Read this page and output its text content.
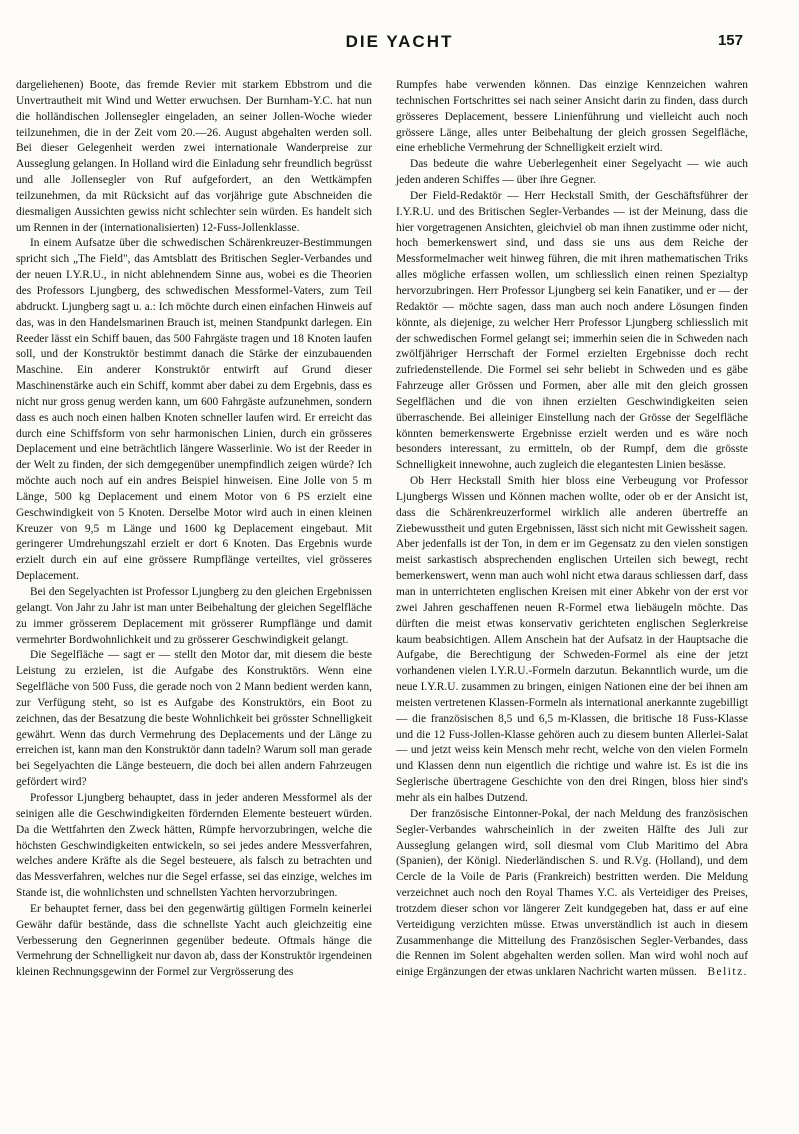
DIE YACHT	157

dargeliehenen) Boote, das fremde Revier mit starkem Ebbstrom und die Unvertrautheit mit Wind und Wetter erwuchsen. Der Burnham-Y.C. hat nun die holländischen Jollensegler eingeladen, an seiner Jollen-Woche wieder teilzunehmen, die in der Zeit vom 20.—26. August abgehalten werden soll. Bei dieser Gelegenheit werden zwei internationale Wanderpreise zur Ausseglung gelangen. In Holland wird die Einladung sehr freundlich begrüsst und alle Jollensegler von Ruf aufgefordert, an den Wettkämpfen teilzunehmen, da mit Rücksicht auf das vorjährige gute Abschneiden die diesmaligen Aussichten gewiss nicht schlechter sein würden. Es handelt sich um Rennen in der (internationalisierten) 12-Fuss-Jollenklasse.

In einem Aufsatze über die schwedischen Schärenkreuzer-Bestimmungen spricht sich „The Field", das Amtsblatt des Britischen Segler-Verbandes und der neuen I.Y.R.U., in nicht ablehnendem Sinne aus, wobei es die Theorien des Professors Ljungberg, des schwedischen Messformel-Vaters, zum Teil abdruckt. Ljungberg sagt u. a.: Ich möchte durch einen einfachen Hinweis auf das, was in den Handelsmarinen Brauch ist, meinen Standpunkt darlegen. Ein Reeder lässt ein Schiff bauen, das 500 Fahrgäste tragen und 18 Knoten laufen soll, und der Konstruktör bestimmt danach die Stärke der einzubauenden Maschine. Ein anderer Konstruktör entwirft auf Grund dieser Maschinenstärke auch ein Schiff, kommt aber dabei zu dem Ergebnis, dass es nicht nur gross genug werden kann, um 600 Fahrgäste aufzunehmen, sondern dass es auch noch einen halben Knoten schneller laufen wird. Er erreicht das durch eine Schiffsform von sehr harmonischen Linien, durch ein grösseres Deplacement und eine beträchtlich längere Wasserlinie. Wo ist der Reeder in der Welt zu finden, der sich demgegenüber unempfindlich zeigen würde? Ich möchte auch noch auf ein andres Beispiel hinweisen. Eine Jolle von 5 m Länge, 500 kg Deplacement und einem Motor von 6 PS erzielt eine Geschwindigkeit von 5 Knoten. Derselbe Motor wird auch in einen kleinen Kreuzer von 9,5 m Länge und 1600 kg Deplacement eingebaut. Mit geringerer Umdrehungszahl erzielt er dort 6 Knoten. Das Ergebnis wurde erzielt durch ein auf eine grössere Rumpflänge verteiltes, viel grösseres Deplacement.

Bei den Segelyachten ist Professor Ljungberg zu den gleichen Ergebnissen gelangt. Von Jahr zu Jahr ist man unter Beibehaltung der gleichen Segelfläche zu immer grösserem Deplacement mit grösserer Rumpflänge und damit vermehrter Bordwohnlichkeit und zu grösserer Geschwindigkeit gelangt.

Die Segelfläche — sagt er — stellt den Motor dar, mit diesem die beste Leistung zu erzielen, ist die Aufgabe des Konstruktörs. Wenn eine Segelfläche von 500 Fuss, die gerade noch von 2 Mann bedient werden kann, zur Verfügung steht, so ist es Aufgabe des Konstruktörs, ein Boot zu zeichnen, das der Besatzung die beste Wohnlichkeit bei grösster Schnelligkeit gewährt. Wenn das durch Vermehrung des Deplacements und der Länge zu erreichen ist, kann man den Konstruktör dann tadeln? Warum soll man gerade bei Segelyachten die Länge besteuern, die doch bei allen andern Fahrzeugen gefördert wird?

Professor Ljungberg behauptet, dass in jeder anderen Messformel als der seinigen alle die Geschwindigkeiten fördernden Elemente besteuert würden. Da die Wettfahrten den Zweck hätten, Rümpfe hervorzubringen, welche die höchsten Geschwindigkeiten entwickeln, so sei jedes andere Messverfahren, welches andere Kräfte als die Segel besteuere, als falsch zu betrachten und das Messverfahren, welches nur die Segel erfasse, sei das einzige, welches im Stande ist, die wohnlichsten und schnellsten Yachten hervorzubringen.

Er behauptet ferner, dass bei den gegenwärtig gültigen Formeln keinerlei Gewähr dafür bestände, dass die schnellste Yacht auch gleichzeitig eine Verbesserung den Gegnerinnen gegenüber bedeute. Oftmals hänge die Vermehrung der Schnelligkeit nur davon ab, dass der Konstruktör irgendeinen kleinen Rechnungsgewinn der Formel zur Vergrösserung des

Rumpfes habe verwenden können. Das einzige Kennzeichen wahren technischen Fortschrittes sei nach seiner Ansicht darin zu finden, dass durch grösseres Deplacement, bessere Linienführung und vielleicht auch noch grössere Länge, alles unter Beibehaltung der gleich grossen Segelfläche, eine erhebliche Vermehrung der Schnelligkeit erzielt wird.

Das bedeute die wahre Ueberlegenheit einer Segelyacht — wie auch jeden anderen Schiffes — über ihre Gegner.

Der Field-Redaktör — Herr Heckstall Smith, der Geschäftsführer der I.Y.R.U. und des Britischen Segler-Verbandes — ist der Meinung, dass die hier vorgetragenen Ansichten, gleichviel ob man ihnen zustimme oder nicht, hoch bemerkenswert sind, und dass sie uns aus dem Reiche der Messformelmacher weit hinweg führen, die mit ihren mathematischen Triks alles mögliche erfassen wollen, um schliesslich einen reinen Spezialtyp hervorzubringen. Herr Professor Ljungberg sei kein Fanatiker, und er — der Redaktör — möchte sagen, dass man auch noch andere Lösungen finden könnte, als diejenige, zu welcher Herr Professor Ljungberg schliesslich mit der schwedischen Formel gelangt sei; immerhin seien die in Schweden nach zwölfjähriger Herrschaft der Formel erzielten Ergebnisse doch recht zufriedenstellende. Die Formel sei sehr beliebt in Schweden und es gäbe Fahrzeuge aller Grössen und Formen, aber alle mit den gleich grossen Segelflächen und die von ihnen erzielten Geschwindigkeiten seien überraschende. Bei alleiniger Einstellung nach der Grösse der Segelfläche könnten bemerkenswerte Ergebnisse erzielt werden und es wäre noch besonders interessant, zu ermitteln, ob der Rumpf, dem die grösste Schnelligkeit innewohne, auch zugleich die elegantesten Linien besässe.

Ob Herr Heckstall Smith hier bloss eine Verbeugung vor Professor Ljungbergs Wissen und Können machen wollte, oder ob er der Ansicht ist, dass die Schärenkreuzerformel wirklich alle anderen übertreffe an Ziebewusstheit und guten Ergebnissen, lässt sich nicht mit Gewissheit sagen. Aber jedenfalls ist der Ton, in dem er im Gegensatz zu den vielen sonstigen meist sarkastisch absprechenden englischen Urteilen sich bewegt, recht bemerkenswert, wenn man auch wohl nicht etwa daraus schliessen darf, dass man in unterrichteten englischen Kreisen mit einer Abkehr von der erst vor zwei Jahren geschaffenen neuen R-Formel etwa liebäugeln möchte. Das dürften die meist etwas konservativ gerichteten englischen Seglerkreise kaum beabsichtigen. Allem Anschein hat der Aufsatz in der Hauptsache die Aufgabe, die Berechtigung der Schweden-Formel als eine der jetzt vorhandenen vielen I.Y.R.U.-Formeln darzutun. Bekanntlich wurde, um die neue I.Y.R.U. zusammen zu bringen, einigen Nationen eine der bei ihnen am meisten vertretenen Klassen-Formeln als international anerkannte zugebilligt — die französischen 8,5 und 6,5 m-Klassen, die britische 18 Fuss-Klasse und die 12 Fuss-Jollen-Klasse gehören auch zu diesem bunten Allerlei-Salat — und jetzt weiss kein Mensch mehr recht, welche von den vielen Formeln und Klassen denn nun eigentlich die richtige und wahre ist. Es ist die ins Seglerische übertragene Geschichte von den drei Ringen, bloss hier sind's mehr als ein halbes Dutzend.

Der französische Eintonner-Pokal, der nach Meldung des französischen Segler-Verbandes wahrscheinlich in der zweiten Hälfte des Juli zur Ausseglung gelangen wird, soll diesmal vom Club Maritimo del Abra (Spanien), der Königl. Niederländischen S. und R.Vg. (Holland), und dem Cercle de la Voile de Paris (Frankreich) bestritten werden. Die Meldung verzeichnet auch noch den Royal Thames Y.C. als Verteidiger des Preises, trotzdem dieser schon vor längerer Zeit kundgegeben hat, dass er auf eine Verteidigung verzichten müsse. Etwas unverständlich ist auch in diesem Zusammenhange die Mitteilung des Französischen Segler-Verbandes, dass die Rennen im Solent abgehalten werden sollen. Man wird wohl noch auf einige Ergänzungen der etwas unklaren Nachricht warten müssen. Belitz.
